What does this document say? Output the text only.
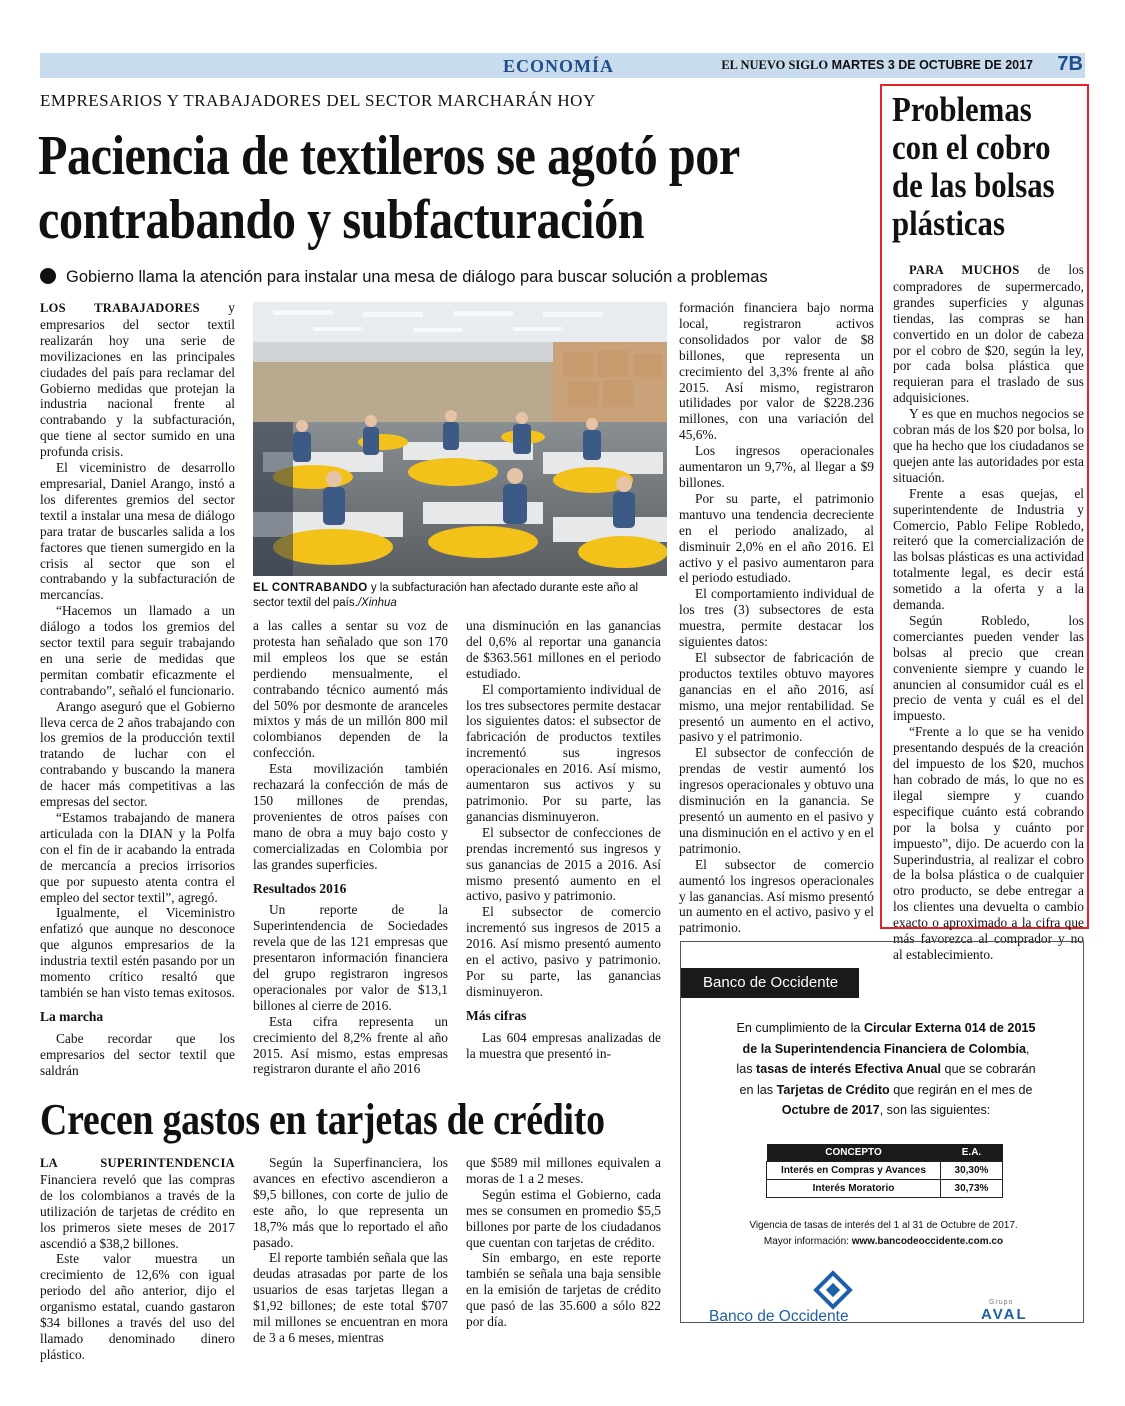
ECONOMÍA	EL NUEVO SIGLO MARTES 3 DE OCTUBRE DE 2017 7B
EMPRESARIOS Y TRABAJADORES DEL SECTOR MARCHARÁN HOY
Paciencia de textileros se agotó por contrabando y subfacturación
Gobierno llama la atención para instalar una mesa de diálogo para buscar solución a problemas

LOS TRABAJADORES y empresarios del sector textil realizarán hoy una serie de movilizaciones en las principales ciudades del país para reclamar del Gobierno medidas que protejan la industria nacional frente al contrabando y la subfacturación, que tiene al sector sumido en una profunda crisis.

El viceministro de desarrollo empresarial, Daniel Arango, instó a los diferentes gremios del sector textil a instalar una mesa de diálogo para tratar de buscarles salida a los factores que tienen sumergido en la crisis al sector que son el contrabando y la subfacturación de mercancías.

“Hacemos un llamado a un diálogo a todos los gremios del sector textil para seguir trabajando en una serie de medidas que permitan combatir eficazmente el contrabando”, señaló el funcionario.

Arango aseguró que el Gobierno lleva cerca de 2 años trabajando con los gremios de la producción textil tratando de luchar con el contrabando y buscando la manera de hacer más competitivas a las empresas del sector.

“Estamos trabajando de manera articulada con la DIAN y la Polfa con el fin de ir acabando la entrada de mercancía a precios irrisorios que por supuesto atenta contra el empleo del sector textil”, agregó.

Igualmente, el Viceministro enfatizó que aunque no desconoce que algunos empresarios de la industria textil estén pasando por un momento crítico resaltó que también se han visto temas exitosos.

La marcha

Cabe recordar que los empresarios del sector textil que saldrán

EL CONTRABANDO y la subfacturación han afectado durante este año al sector textil del país./Xinhua

a las calles a sentar su voz de protesta han señalado que son 170 mil empleos los que se están perdiendo mensualmente, el contrabando técnico aumentó más del 50% por desmonte de aranceles mixtos y más de un millón 800 mil colombianos dependen de la confección.

Esta movilización también rechazará la confección de más de 150 millones de prendas, provenientes de otros países con mano de obra a muy bajo costo y comercializadas en Colombia por las grandes superficies.

Resultados 2016

Un reporte de la Superintendencia de Sociedades revela que de las 121 empresas que presentaron información financiera del grupo registraron ingresos operacionales por valor de $13,1 billones al cierre de 2016.

Esta cifra representa un crecimiento del 8,2% frente al año 2015. Así mismo, estas empresas registraron durante el año 2016

una disminución en las ganancias del 0,6% al reportar una ganancia de $363.561 millones en el periodo estudiado.

El comportamiento individual de los tres subsectores permite destacar los siguientes datos: el subsector de fabricación de productos textiles incrementó sus ingresos operacionales en 2016. Así mismo, aumentaron sus activos y su patrimonio. Por su parte, las ganancias disminuyeron.

El subsector de confecciones de prendas incrementó sus ingresos y sus ganancias de 2015 a 2016. Así mismo presentó aumento en el activo, pasivo y patrimonio.

El subsector de comercio incrementó sus ingresos de 2015 a 2016. Así mismo presentó aumento en el activo, pasivo y patrimonio. Por su parte, las ganancias disminuyeron.

Más cifras

Las 604 empresas analizadas de la muestra que presentó in-

formación financiera bajo norma local, registraron activos consolidados por valor de $8 billones, que representa un crecimiento del 3,3% frente al año 2015. Así mismo, registraron utilidades por valor de $228.236 millones, con una variación del 45,6%.

Los ingresos operacionales aumentaron un 9,7%, al llegar a $9 billones.

Por su parte, el patrimonio mantuvo una tendencia decreciente en el periodo analizado, al disminuir 2,0% en el año 2016. El activo y el pasivo aumentaron para el periodo estudiado.

El comportamiento individual de los tres (3) subsectores de esta muestra, permite destacar los siguientes datos:

El subsector de fabricación de productos textiles obtuvo mayores ganancias en el año 2016, así mismo, una mejor rentabilidad. Se presentó un aumento en el activo, pasivo y el patrimonio.

El subsector de confección de prendas de vestir aumentó los ingresos operacionales y obtuvo una disminución en la ganancia. Se presentó un aumento en el pasivo y una disminución en el activo y en el patrimonio.

El subsector de comercio aumentó los ingresos operacionales y las ganancias. Así mismo presentó un aumento en el activo, pasivo y el patrimonio.

Crecen gastos en tarjetas de crédito

LA SUPERINTENDENCIA Financiera reveló que las compras de los colombianos a través de la utilización de tarjetas de crédito en los primeros siete meses de 2017 ascendió a $38,2 billones.

Este valor muestra un crecimiento de 12,6% con igual periodo del año anterior, dijo el organismo estatal, cuando gastaron $34 billones a través del uso del llamado denominado dinero plástico.

Según la Superfinanciera, los avances en efectivo ascendieron a $9,5 billones, con corte de julio de este año, lo que representa un 18,7% más que lo reportado el año pasado.

El reporte también señala que las deudas atrasadas por parte de los usuarios de esas tarjetas llegan a $1,92 billones; de este total $707 mil millones se encuentran en mora de 3 a 6 meses, mientras

que $589 mil millones equivalen a moras de 1 a 2 meses.

Según estima el Gobierno, cada mes se consumen en promedio $5,5 billones por parte de los ciudadanos que cuentan con tarjetas de crédito.

Sin embargo, en este reporte también se señala una baja sensible en la emisión de tarjetas de crédito que pasó de las 35.600 a sólo 822 por día.

Problemas con el cobro de las bolsas plásticas

PARA MUCHOS de los compradores de supermercado, grandes superficies y algunas tiendas, las compras se han convertido en un dolor de cabeza por el cobro de $20, según la ley, por cada bolsa plástica que requieran para el traslado de sus adquisiciones.

Y es que en muchos negocios se cobran más de los $20 por bolsa, lo que ha hecho que los ciudadanos se quejen ante las autoridades por esta situación.

Frente a esas quejas, el superintendente de Industria y Comercio, Pablo Felipe Robledo, reiteró que la comercialización de las bolsas plásticas es una actividad totalmente legal, es decir está sometido a la oferta y a la demanda.

Según Robledo, los comerciantes pueden vender las bolsas al precio que crean conveniente siempre y cuando le anuncien al consumidor cuál es el precio de venta y cuál es el del impuesto.

“Frente a lo que se ha venido presentando después de la creación del impuesto de los $20, muchos han cobrado de más, lo que no es ilegal siempre y cuando especifique cuánto está cobrando por la bolsa y cuánto por impuesto”, dijo. De acuerdo con la Superindustria, al realizar el cobro de la bolsa plástica o de cualquier otro producto, se debe entregar a los clientes una devuelta o cambio exacto o aproximado a la cifra que más favorezca al comprador y no al establecimiento.

Banco de Occidente
En cumplimiento de la Circular Externa 014 de 2015 de la Superintendencia Financiera de Colombia, las tasas de interés Efectiva Anual que se cobrarán en las Tarjetas de Crédito que regirán en el mes de Octubre de 2017, son las siguientes:
CONCEPTO	E.A.
Interés en Compras y Avances	30,30%
Interés Moratorio	30,73%
Vigencia de tasas de interés del 1 al 31 de Octubre de 2017.
Mayor información: www.bancodeoccidente.com.co
Banco de Occidente
Grupo
AVAL
